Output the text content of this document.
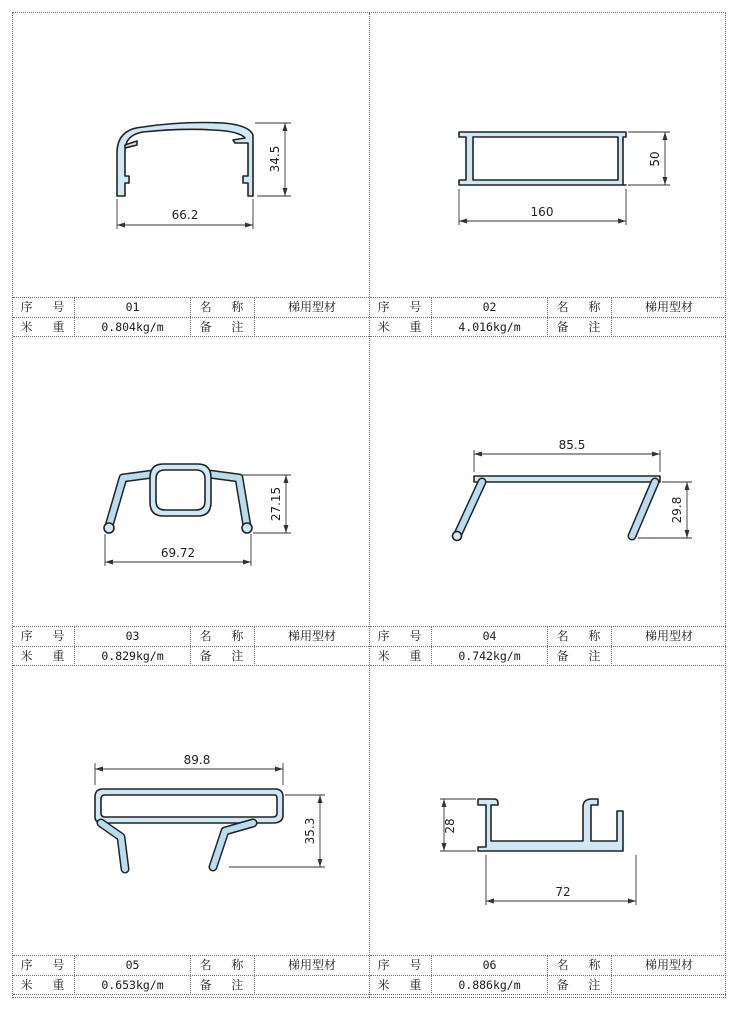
66.2
34.5
序 号	01	名 称	梯用型材
米 重	0.804kg/m	备 注
160
50
序 号	02	名 称	梯用型材
米 重	4.016kg/m	备 注
69.72
27.15
序 号	03	名 称	梯用型材
米 重	0.829kg/m	备 注
85.5
29.8
序 号	04	名 称	梯用型材
米 重	0.742kg/m	备 注
89.8
35.3
序 号	05	名 称	梯用型材
米 重	0.653kg/m	备 注
28
72
序 号	06	名 称	梯用型材
米 重	0.886kg/m	备 注
